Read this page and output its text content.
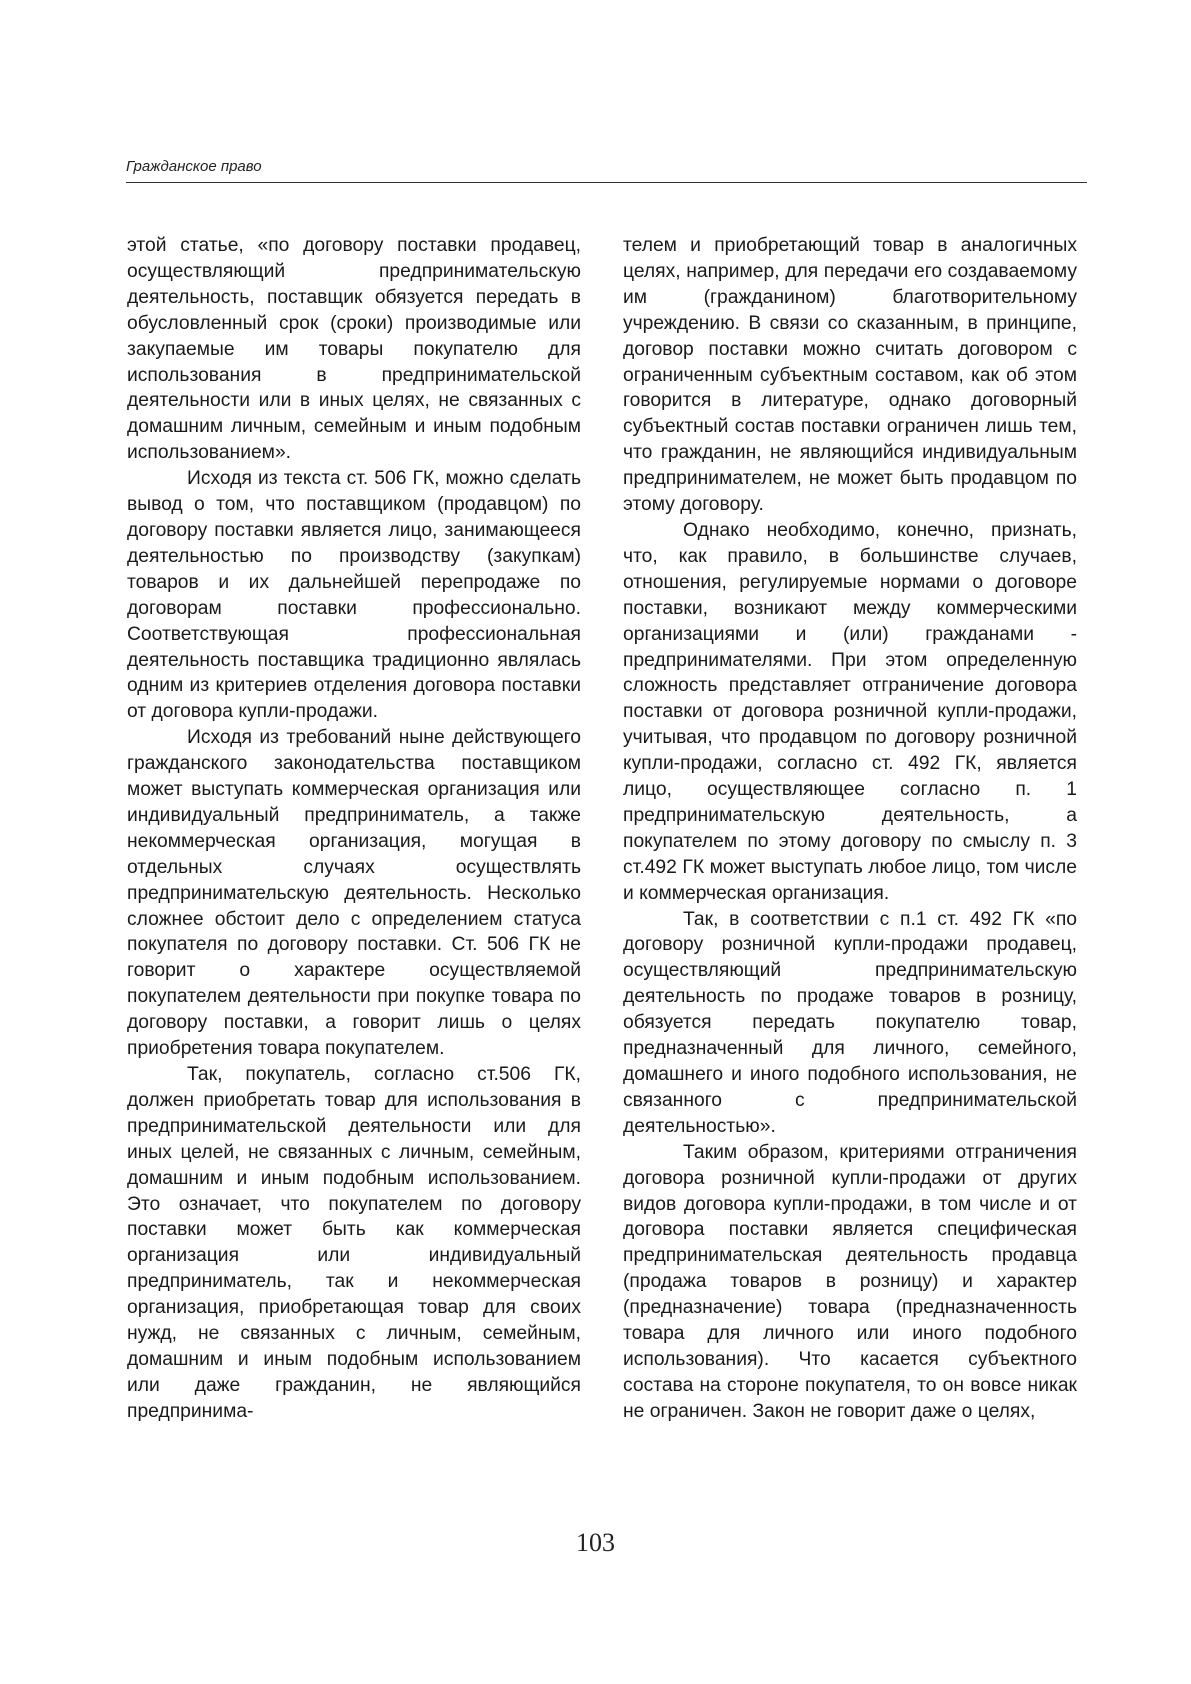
Гражданское право

этой статье, «по договору поставки продавец, осуществляющий предпринимательскую деятельность, поставщик обязуется передать в обусловленный срок (сроки) производимые или закупаемые им товары покупателю для использования в предпринимательской деятельности или в иных целях, не связанных с домашним личным, семейным и иным подобным использованием».

Исходя из текста ст. 506 ГК, можно сделать вывод о том, что поставщиком (продавцом) по договору поставки является лицо, занимающееся деятельностью по производству (закупкам) товаров и их дальнейшей перепродаже по договорам поставки профессионально. Соответствующая профессиональная деятельность поставщика традиционно являлась одним из критериев отделения договора поставки от договора купли-продажи.

Исходя из требований ныне действующего гражданского законодательства поставщиком может выступать коммерческая организация или индивидуальный предприниматель, а также некоммерческая организация, могущая в отдельных случаях осуществлять предпринимательскую деятельность. Несколько сложнее обстоит дело с определением статуса покупателя по договору поставки. Ст. 506 ГК не говорит о характере осуществляемой покупателем деятельности при покупке товара по договору поставки, а говорит лишь о целях приобретения товара покупателем.

Так, покупатель, согласно ст.506 ГК, должен приобретать товар для использования в предпринимательской деятельности или для иных целей, не связанных с личным, семейным, домашним и иным подобным использованием. Это означает, что покупателем по договору поставки может быть как коммерческая организация или индивидуальный предприниматель, так и некоммерческая организация, приобретающая товар для своих нужд, не связанных с личным, семейным, домашним и иным подобным использованием или даже гражданин, не являющийся предпринима-

телем и приобретающий товар в аналогичных целях, например, для передачи его создаваемому им (гражданином) благотворительному учреждению. В связи со сказанным, в принципе, договор поставки можно считать договором с ограниченным субъектным составом, как об этом говорится в литературе, однако договорный субъектный состав поставки ограничен лишь тем, что гражданин, не являющийся индивидуальным предпринимателем, не может быть продавцом по этому договору.

Однако необходимо, конечно, признать, что, как правило, в большинстве случаев, отношения, регулируемые нормами о договоре поставки, возникают между коммерческими организациями и (или) гражданами - предпринимателями. При этом определенную сложность представляет отграничение договора поставки от договора розничной купли-продажи, учитывая, что продавцом по договору розничной купли-продажи, согласно ст. 492 ГК, является лицо, осуществляющее согласно п. 1 предпринимательскую деятельность, а покупателем по этому договору по смыслу п. 3 ст.492 ГК может выступать любое лицо, том числе и коммерческая организация.

Так, в соответствии с п.1 ст. 492 ГК «по договору розничной купли-продажи продавец, осуществляющий предпринимательскую деятельность по продаже товаров в розницу, обязуется передать покупателю товар, предназначенный для личного, семейного, домашнего и иного подобного использования, не связанного с предпринимательской деятельностью».

Таким образом, критериями отграничения договора розничной купли-продажи от других видов договора купли-продажи, в том числе и от договора поставки является специфическая предпринимательская деятельность продавца (продажа товаров в розницу) и характер (предназначение) товара (предназначенность товара для личного или иного подобного использования). Что касается субъектного состава на стороне покупателя, то он вовсе никак не ограничен. Закон не говорит даже о целях,

103
